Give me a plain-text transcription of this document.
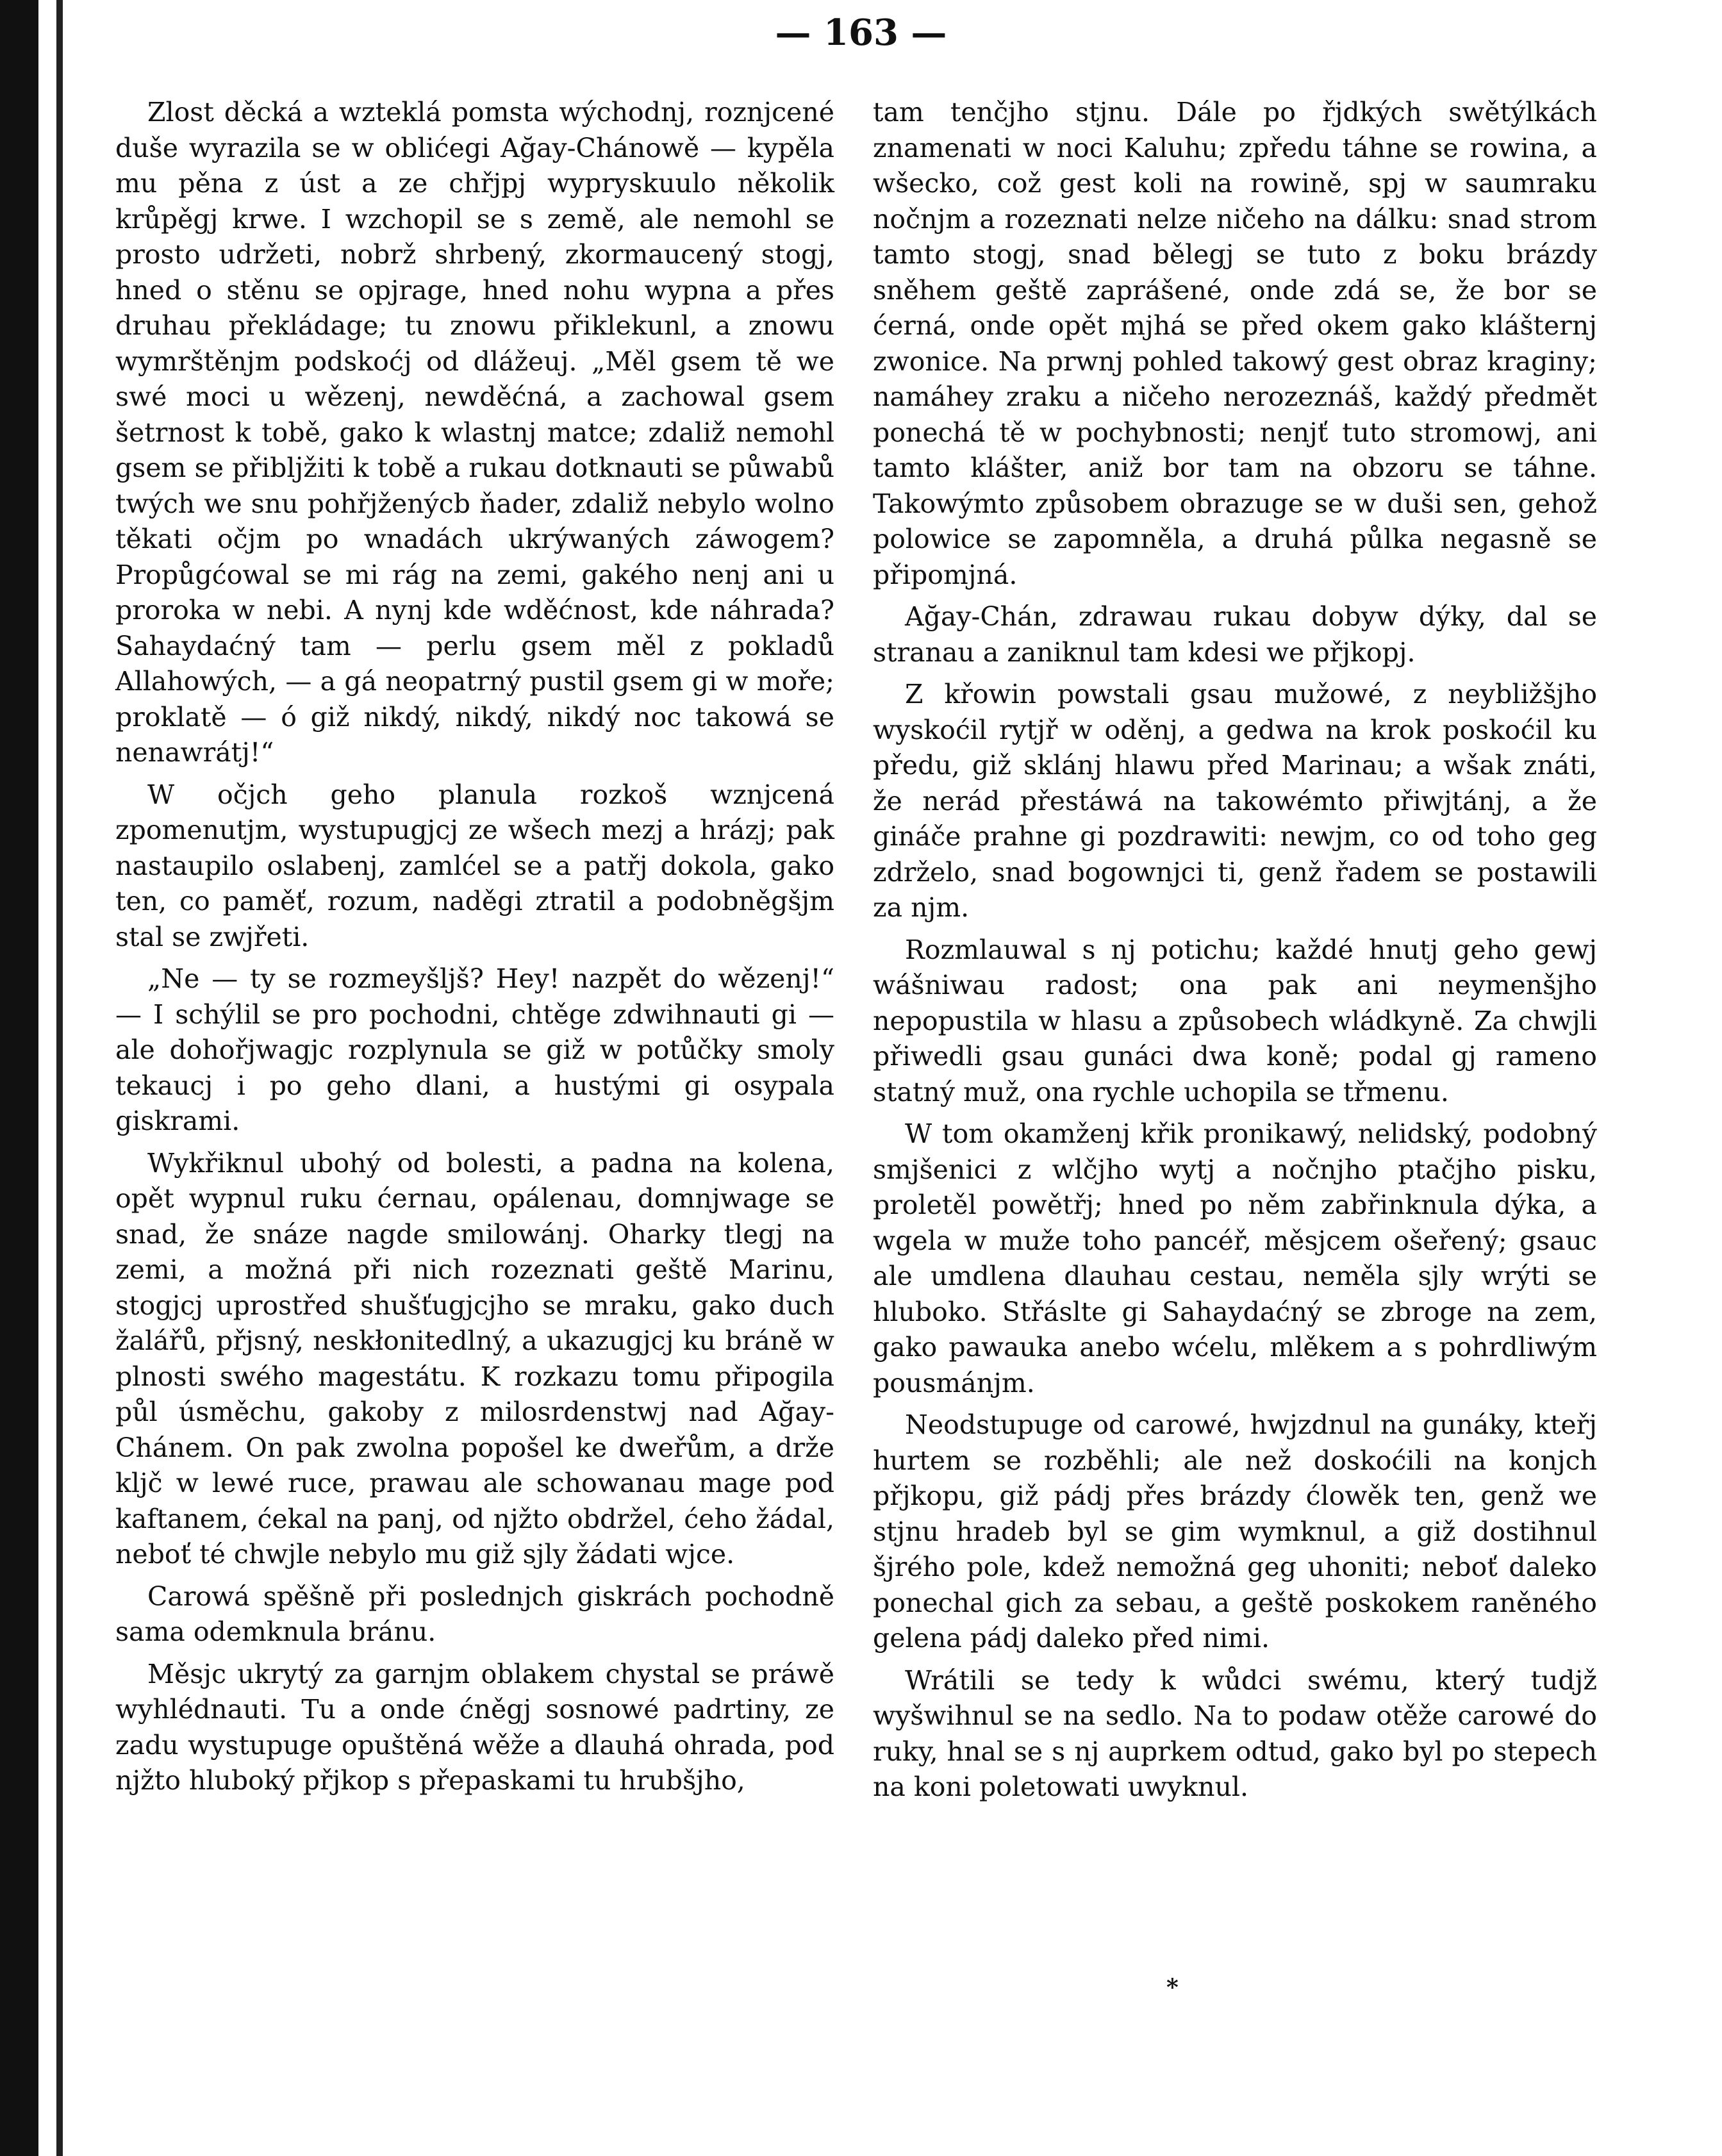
— 163 —

Zlost děcká a wzteklá pomsta wýchodnj, roznjcené duše wyrazila se w oblićegi Ağay-Chánowě — kypěla mu pěna z úst a ze chřjpj wypryskuulo několik krůpěgj krwe. I wzchopil se s země, ale nemohl se prosto udržeti, nobrž shrbený, zkormaucený stogj, hned o stěnu se opjrage, hned nohu wypna a přes druhau překládage; tu znowu přiklekunl, a znowu wymrštěnjm podskoćj od dlážeuj. „Měl gsem tě we swé moci u wězenj, newděćná, a zachowal gsem šetrnost k tobě, gako k wlastnj matce; zdaliž nemohl gsem se přiblj̇žiti k tobě a rukau dotknauti se půwabů twých we snu pohřjženýcb ňader, zdaliž nebylo wolno těkati očjm po wnadách ukrýwaných záwogem? Propůgćowal se mi rág na zemi, gakého nenj ani u proroka w nebi. A nynj kde wděćnost, kde náhrada? Sahaydaćný tam — perlu gsem měl z pokladů Allahowých, — a gá neopatrný pustil gsem gi w moře; proklatě — ó giž nikdý, nikdý, nikdý noc takowá se nenawrátj!“

W očjch geho planula rozkoš wznjcená zpomenutjm, wystupugjcj ze wšech mezj a hrázj; pak nastaupilo oslabenj, zamlćel se a patřj dokola, gako ten, co paměť, rozum, naděgi ztratil a podobněgšjm stal se zwjřeti.

„Ne — ty se rozmeyšljš? Hey! nazpět do wězenj!“ — I schýlil se pro pochodni, chtěge zdwihnauti gi — ale dohořjwagjc rozplynula se giž w potůčky smoly tekaucj i po geho dlani, a hustými gi osypala giskrami.

Wykřiknul ubohý od bolesti, a padna na kolena, opět wypnul ruku ćernau, opálenau, domnjwage se snad, že snáze nagde smilowánj. Oharky tlegj na zemi, a možná při nich rozeznati geště Marinu, stogjcj uprostřed shušťugjcjho se mraku, gako duch žalářů, přjsný, neskłonitedlný, a ukazugjcj ku bráně w plnosti swého magestátu. K rozkazu tomu připogila půl úsměchu, gakoby z milosrdenstwj nad Ağay-Chánem. On pak zwolna popošel ke dweřům, a drže kljč w lewé ruce, prawau ale schowanau mage pod kaftanem, ćekal na panj, od njžto obdržel, ćeho žádal, neboť té chwjle nebylo mu giž sjly žádati wjce.

Carowá spěšně při poslednjch giskrách pochodně sama odemknula bránu.

Měsjc ukrytý za garnjm oblakem chystal se práwě wyhlédnauti. Tu a onde ćněgj sosnowé padrtiny, ze zadu wystupuge opuštěná wěže a dlauhá ohrada, pod njžto hluboký přjkop s přepaskami tu hrubšjho,

tam tenčjho stjnu. Dále po řjdkých swětýlkách znamenati w noci Kaluhu; zpředu táhne se rowina, a wšecko, což gest koli na rowině, spj w saumraku nočnjm a rozeznati nelze ničeho na dálku: snad strom tamto stogj, snad bělegj se tuto z boku brázdy sněhem geště zaprášené, onde zdá se, že bor se ćerná, onde opět mjhá se před okem gako klášternj zwonice. Na prwnj pohled takowý gest obraz kraginy; namáhey zraku a ničeho nerozeznáš, každý předmět ponechá tě w pochybnosti; nenjť tuto stromowj, ani tamto klášter, aniž bor tam na obzoru se táhne. Takowýmto způsobem obrazuge se w duši sen, gehož polowice se zapomněla, a druhá půlka negasně se připomjná.

Ağay-Chán, zdrawau rukau dobyw dýky, dal se stranau a zaniknul tam kdesi we přjkopj.

Z křowin powstali gsau mužowé, z neybližšjho wyskoćil rytjř w oděnj, a gedwa na krok poskoćil ku předu, giž sklánj hlawu před Marinau; a wšak znáti, že nerád přestáwá na takowémto přiwjtánj, a že gináče prahne gi pozdrawiti: newjm, co od toho geg zdrželo, snad bogownjci ti, genž řadem se postawili za njm.

Rozmlauwal s nj potichu; každé hnutj geho gewj wášniwau radost; ona pak ani neymenšjho nepopustila w hlasu a způsobech wládkyně. Za chwjli přiwedli gsau gunáci dwa koně; podal gj rameno statný muž, ona rychle uchopila se třmenu.

W tom okamženj křik pronikawý, nelidský, podobný smjšenici z wlčjho wytj a nočnjho ptačjho pisku, proletěl powětřj; hned po něm zabřinknula dýka, a wgela w muže toho pancéř, měsjcem ošeřený; gsauc ale umdlena dlauhau cestau, neměla sjly wrýti se hluboko. Střáslte gi Sahaydaćný se zbroge na zem, gako pawauka anebo wćelu, mlěkem a s pohrdliwým pousmánjm.

Neodstupuge od carowé, hwjzdnul na gunáky, kteřj hurtem se rozběhli; ale než doskoćili na konjch přjkopu, giž pádj přes brázdy ćlowěk ten, genž we stjnu hradeb byl se gim wymknul, a giž dostihnul šjrého pole, kdež nemožná geg uhoniti; neboť daleko ponechal gich za sebau, a geště poskokem raněného gelena pádj daleko před nimi.

Wrátili se tedy k wůdci swému, který tudjž wyšwihnul se na sedlo. Na to podaw otěže carowé do ruky, hnal se s nj auprkem odtud, gako byl po stepech na koni poletowati uwyknul.

*
